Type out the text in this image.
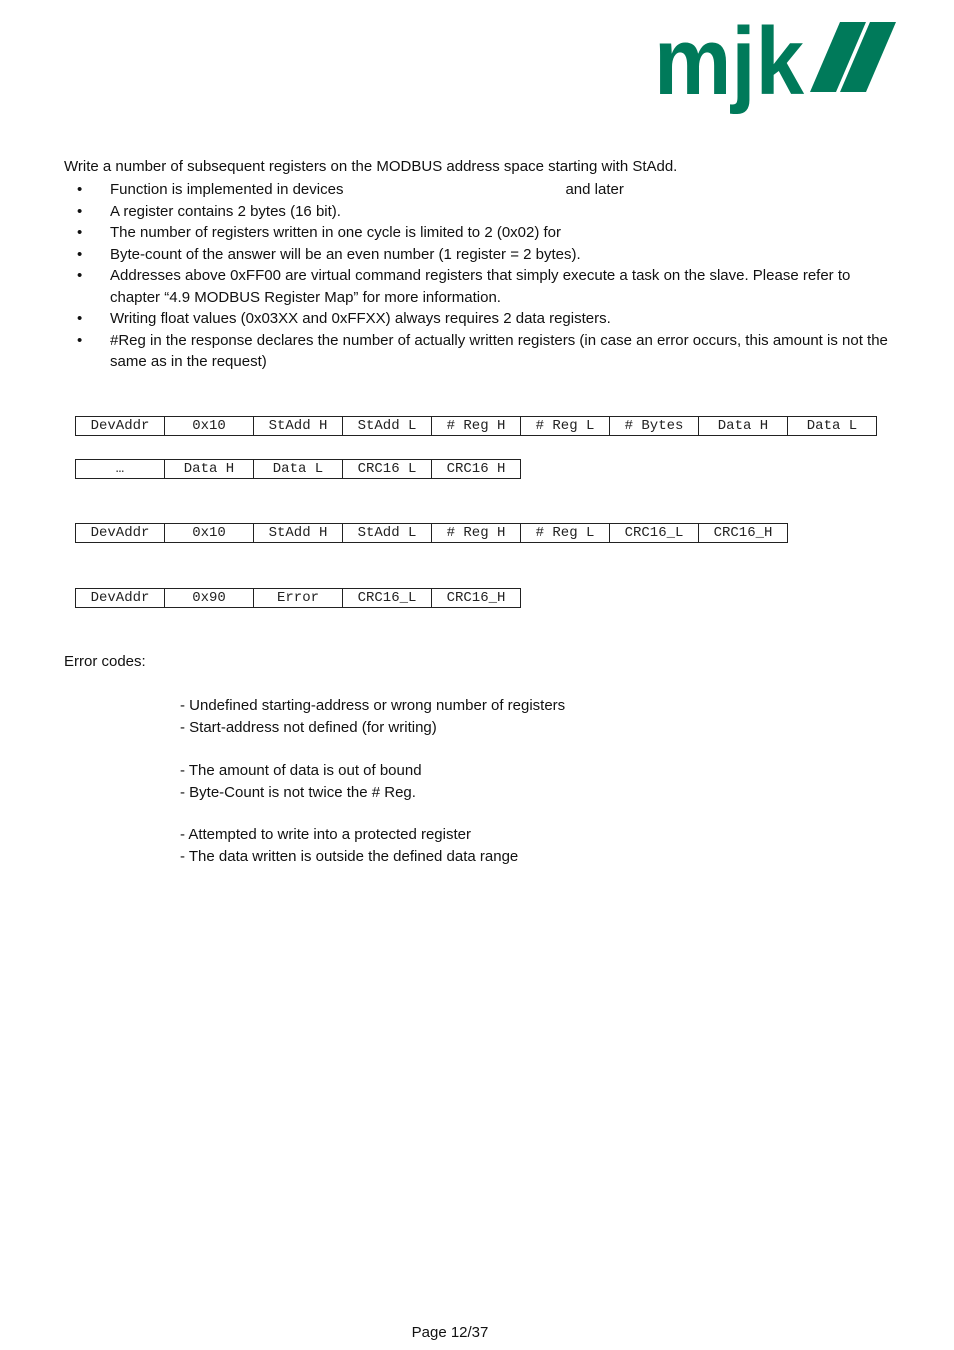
mjk
Write a number of subsequent registers on the MODBUS address space starting with StAdd.
• Function is implemented in devices	and later
• A register contains 2 bytes (16 bit).
• The number of registers written in one cycle is limited to 2 (0x02) for
• Byte-count of the answer will be an even number (1 register = 2 bytes).
• Addresses above 0xFF00 are virtual command registers that simply execute a task on the slave. Please refer to chapter “4.9 MODBUS Register Map” for more information.
• Writing float values (0x03XX and 0xFFXX) always requires 2 data registers.
• #Reg in the response declares the number of actually written registers (in case an error occurs, this amount is not the same as in the request)
DevAddr	0x10	StAdd H	StAdd L	# Reg H	# Reg L	# Bytes	Data H	Data L
…	Data H	Data L	CRC16 L	CRC16 H
DevAddr	0x10	StAdd H	StAdd L	# Reg H	# Reg L	CRC16_L	CRC16_H
DevAddr	0x90	Error	CRC16_L	CRC16_H
Error codes:
- Undefined starting-address or wrong number of registers
- Start-address not defined (for writing)
- The amount of data is out of bound
- Byte-Count is not twice the # Reg.
- Attempted to write into a protected register
- The data written is outside the defined data range
Page 12/37
